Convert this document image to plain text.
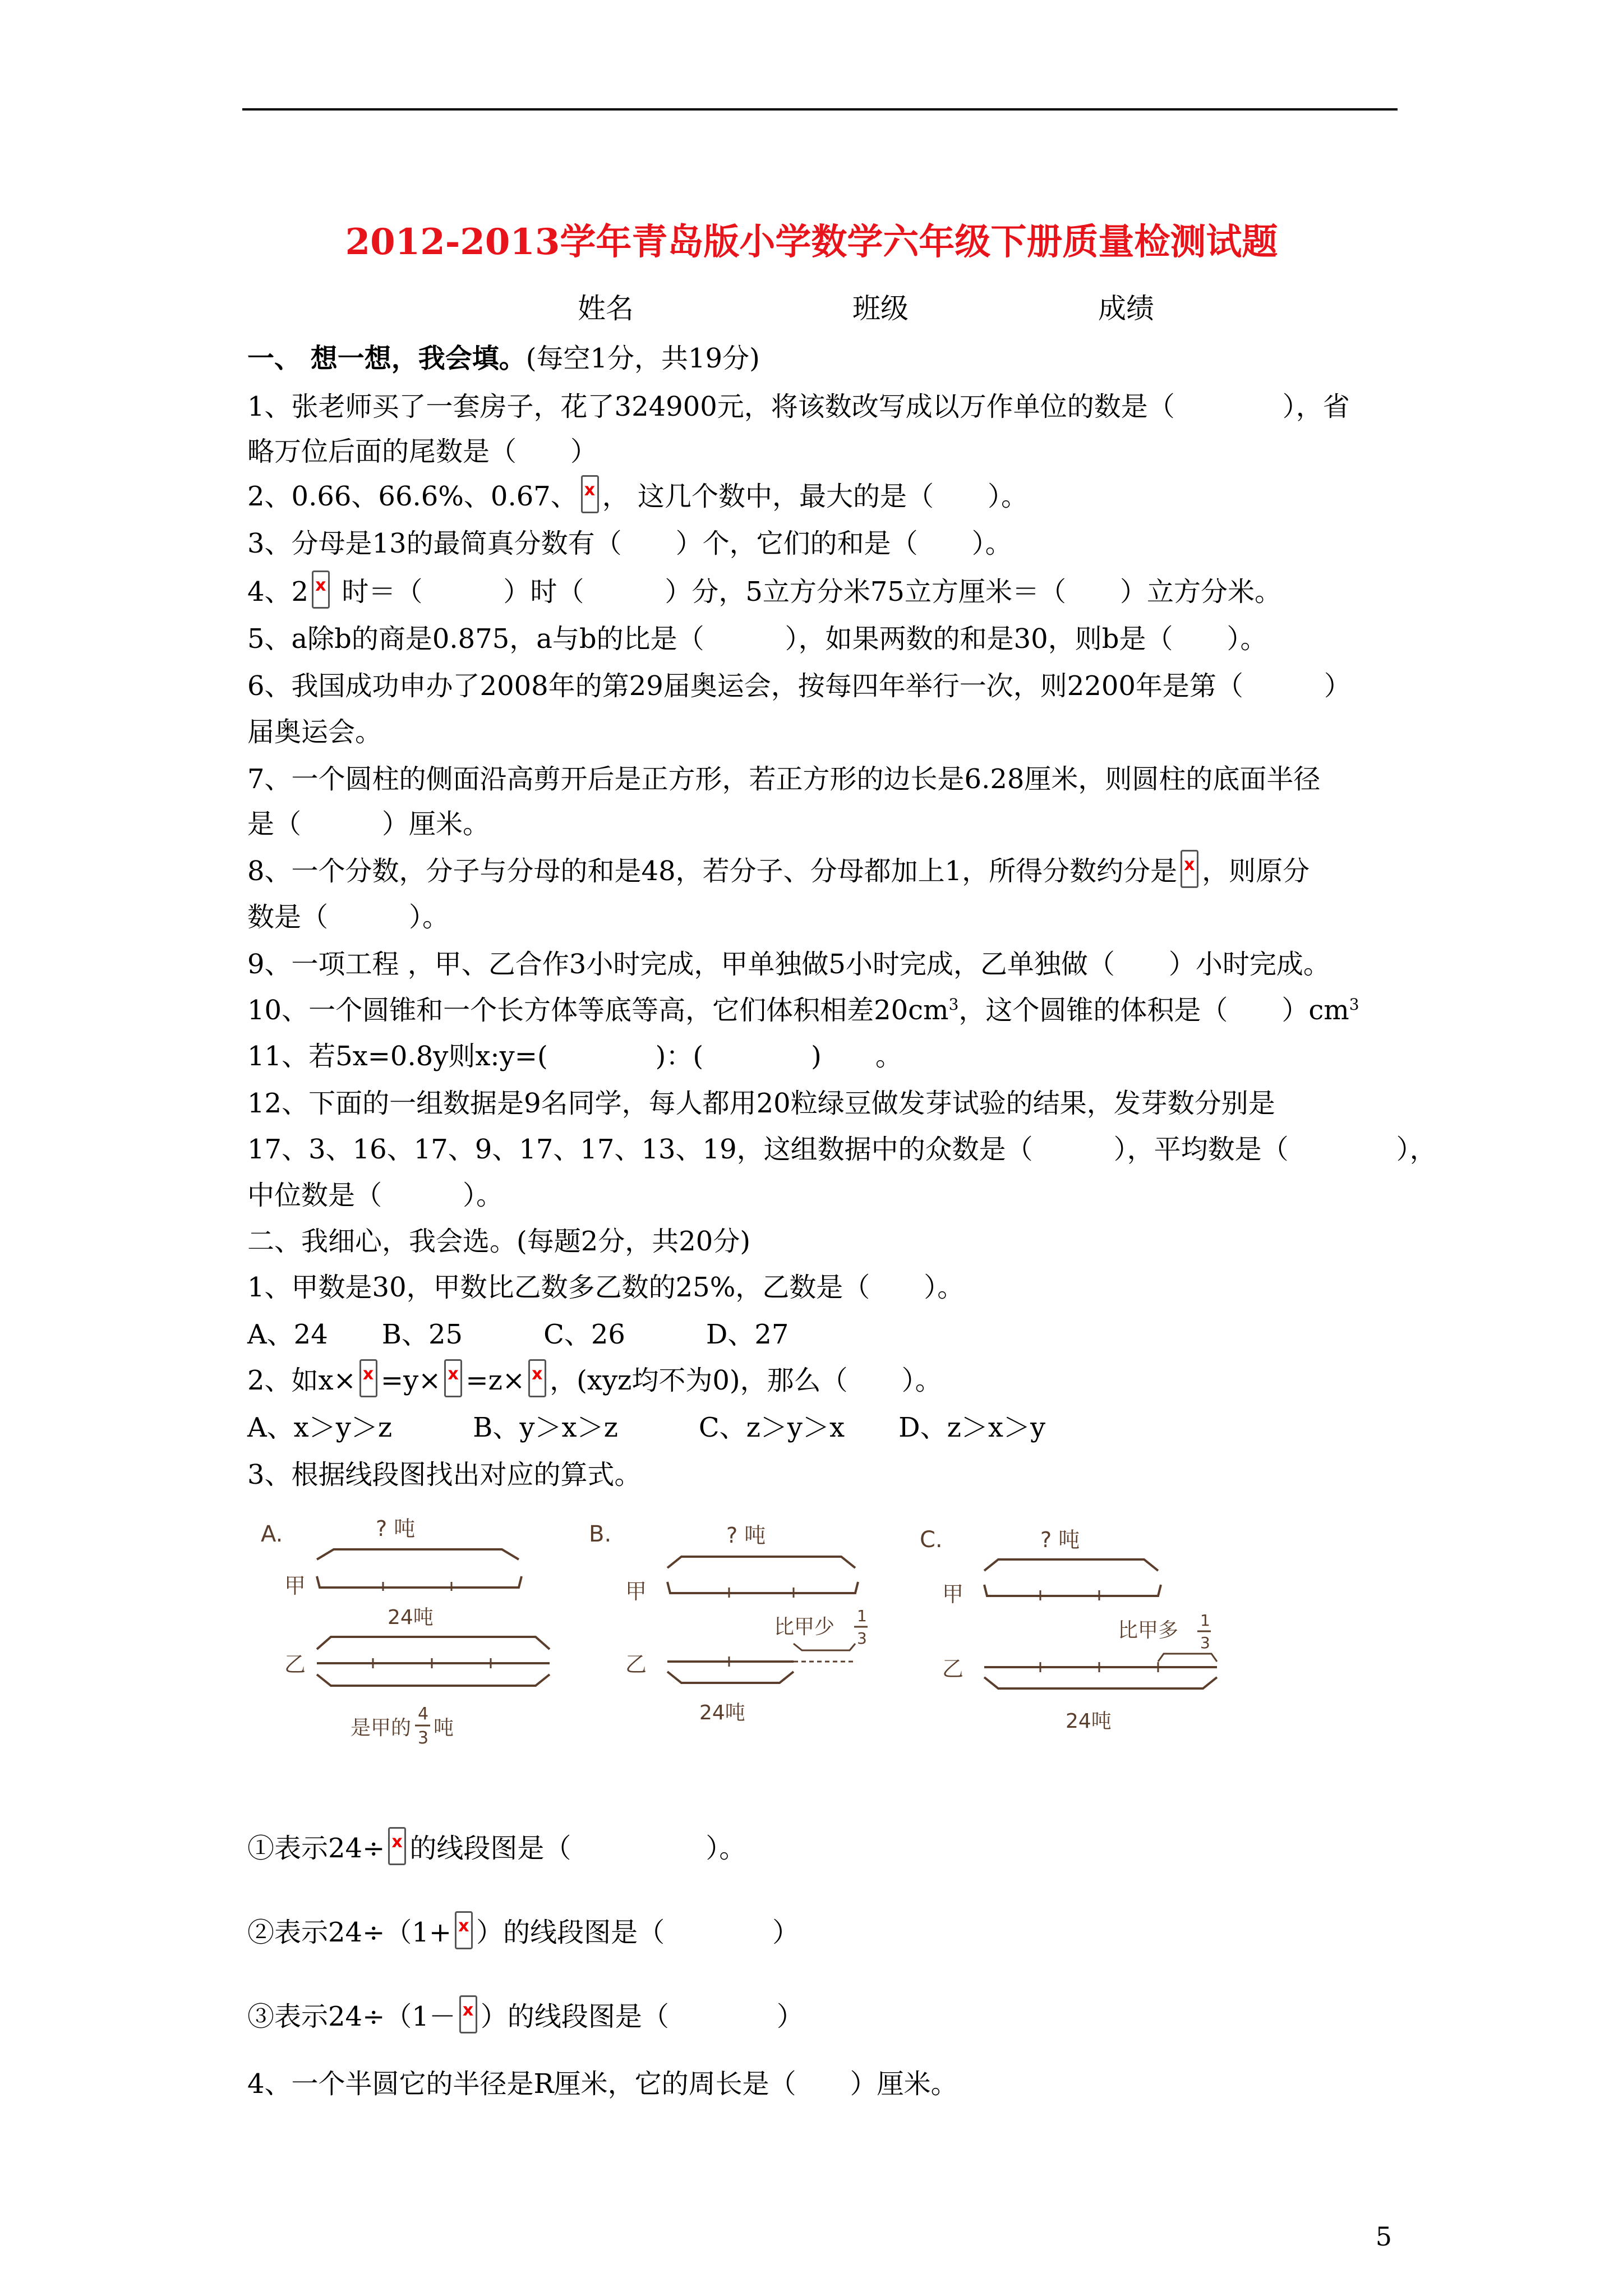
2012-2013学年青岛版小学数学六年级下册质量检测试题
姓名	班级	成绩
一、 想一想，我会填。(每空1分，共19分)
1、张老师买了一套房子，花了324900元，将该数改写成以万作单位的数是（　　　　），省
略万位后面的尾数是（　　）
2、0.66、66.6%、0.67、 x ， 这几个数中，最大的是（　　）。
3、分母是13的最简真分数有（　　）个，它们的和是（　　）。
4、2x 时＝（　　　）时（　　　）分，5立方分米75立方厘米＝（　　）立方分米。
5、a除b的商是0.875，a与b的比是（　　　），如果两数的和是30，则b是（　　）。
6、我国成功申办了2008年的第29届奥运会，按每四年举行一次，则2200年是第（　　　）
届奥运会。
7、一个圆柱的侧面沿高剪开后是正方形，若正方形的边长是6.28厘米，则圆柱的底面半径
是（　　　）厘米。
8、一个分数，分子与分母的和是48，若分子、分母都加上1，所得分数约分是 x ，则原分
数是（　　　）。
9、一项工程 ，甲、乙合作3小时完成，甲单独做5小时完成，乙单独做（　　）小时完成。
10、一个圆锥和一个长方体等底等高，它们体积相差$20cm^3$，这个圆锥的体积是（　　）$cm^3$
11、若5x=0.8y则x:y=(　　　　)：(　　　　)　　。
12、下面的一组数据是9名同学，每人都用20粒绿豆做发芽试验的结果，发芽数分别是
17、3、16、17、9、17、17、13、19，这组数据中的众数是（　　　），平均数是（　　　　），
中位数是（　　　）。
二、我细心，我会选。(每题2分，共20分)
1、甲数是30，甲数比乙数多乙数的25%，乙数是（　　）。
A、24　　B、25　　　C、26　　　D、27
2、如x× x =y× x =z× x ，(xyz均不为0)，那么（　　）。
A、x＞y＞z　　　B、y＞x＞z　　　C、z＞y＞x　　D、z＞x＞y
3、根据线段图找出对应的算式。
A.	? 吨
甲
24吨
乙
是甲的
4
3 吨
B.	? 吨
甲
比甲少 1
3
乙
24吨
C.	? 吨
甲
比甲多 1
3
乙
24吨
①表示24÷ x 的线段图是（　　　　　）。
②表示24÷（1+ x ）的线段图是（　　　　）
③表示24÷（1－ x ）的线段图是（　　　　）
4、一个半圆它的半径是R厘米，它的周长是（　　）厘米。
5
